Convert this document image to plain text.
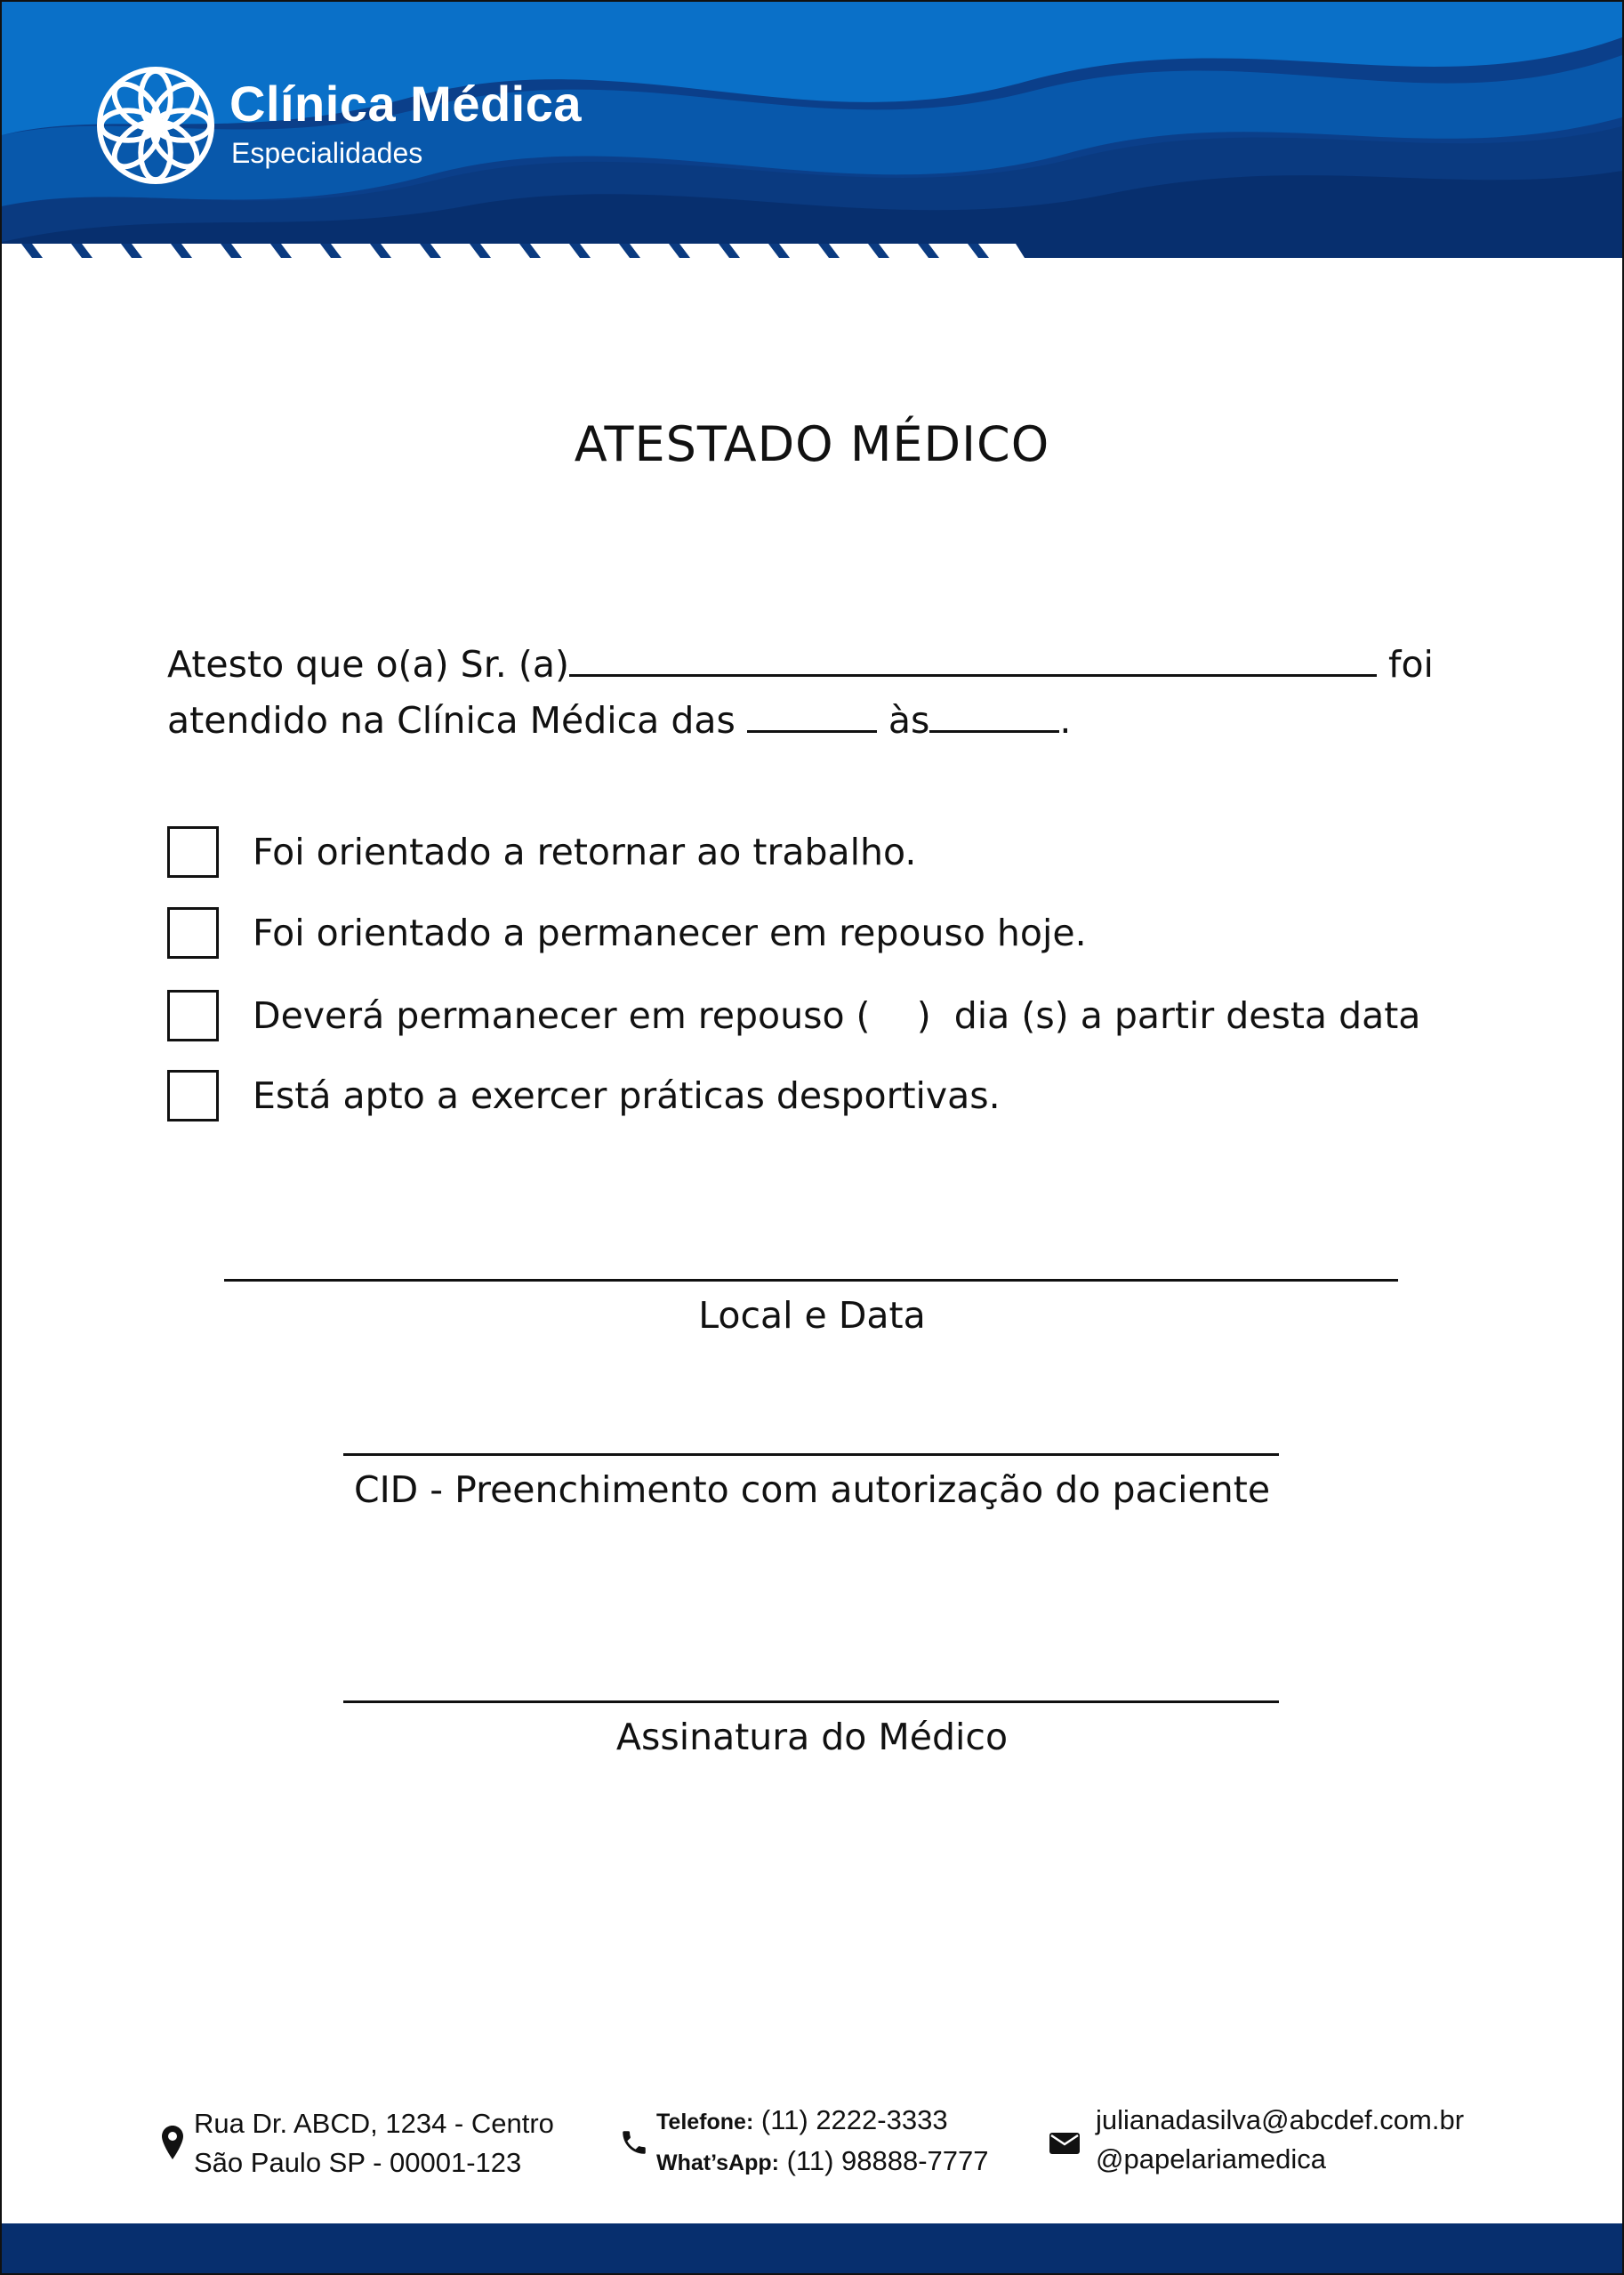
Clínica Médica
Especialidades
ATESTADO MÉDICO
Atesto que o(a) Sr. (a)	foi
atendido na Clínica Médica das	às	.
Foi orientado a retornar ao trabalho.
Foi orientado a permanecer em repouso hoje.
Deverá permanecer em repouso (    )  dia (s) a partir desta data
Está apto a exercer práticas desportivas.
Local e Data
CID - Preenchimento com autorização do paciente
Assinatura do Médico
Rua Dr. ABCD, 1234 - Centro
São Paulo SP - 00001-123
Telefone: (11) 2222-3333
What’sApp: (11) 98888-7777
julianadasilva@abcdef.com.br
@papelariamedica
